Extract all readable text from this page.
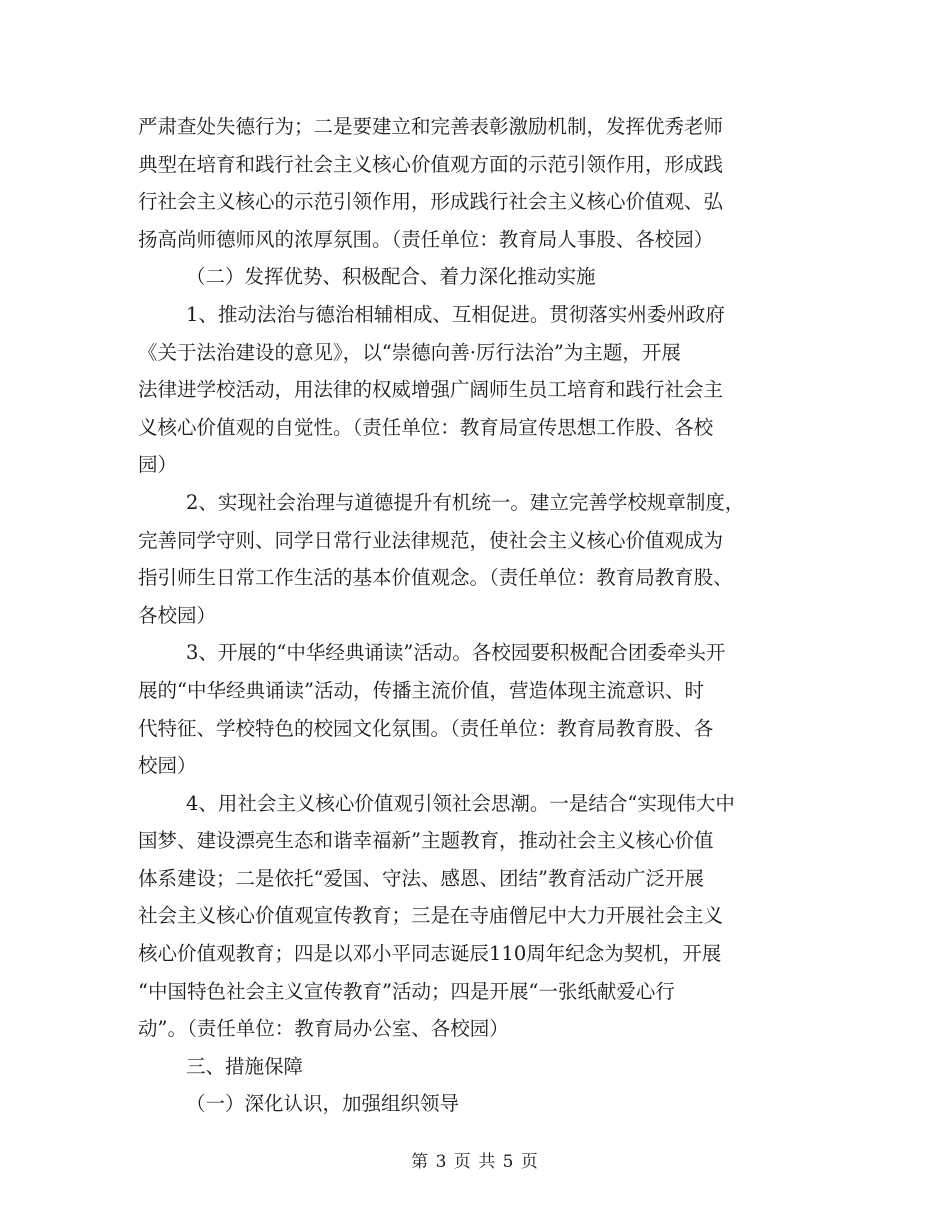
严肃查处失德行为；二是要建立和完善表彰激励机制，发挥优秀老师
典型在培育和践行社会主义核心价值观方面的示范引领作用，形成践
行社会主义核心的示范引领作用，形成践行社会主义核心价值观、弘
扬高尚师德师风的浓厚氛围。（责任单位：教育局人事股、各校园）
（二）发挥优势、积极配合、着力深化推动实施
1、推动法治与德治相辅相成、互相促进。贯彻落实州委州政府
《关于法治建设的意见》，以“崇德向善·厉行法治”为主题，开展
法律进学校活动，用法律的权威增强广阔师生员工培育和践行社会主
义核心价值观的自觉性。（责任单位：教育局宣传思想工作股、各校
园）
2、实现社会治理与道德提升有机统一。建立完善学校规章制度，
完善同学守则、同学日常行业法律规范，使社会主义核心价值观成为
指引师生日常工作生活的基本价值观念。（责任单位：教育局教育股、
各校园）
3、开展的“中华经典诵读”活动。各校园要积极配合团委牵头开
展的“中华经典诵读”活动，传播主流价值，营造体现主流意识、时
代特征、学校特色的校园文化氛围。（责任单位：教育局教育股、各
校园）
4、用社会主义核心价值观引领社会思潮。一是结合“实现伟大中
国梦、建设漂亮生态和谐幸福新”主题教育，推动社会主义核心价值
体系建设；二是依托“爱国、守法、感恩、团结”教育活动广泛开展
社会主义核心价值观宣传教育；三是在寺庙僧尼中大力开展社会主义
核心价值观教育；四是以邓小平同志诞辰110周年纪念为契机，开展
“中国特色社会主义宣传教育”活动；四是开展“一张纸献爱心行
动”。（责任单位：教育局办公室、各校园）
三、措施保障
（一）深化认识，加强组织领导
第 3 页 共 5 页
